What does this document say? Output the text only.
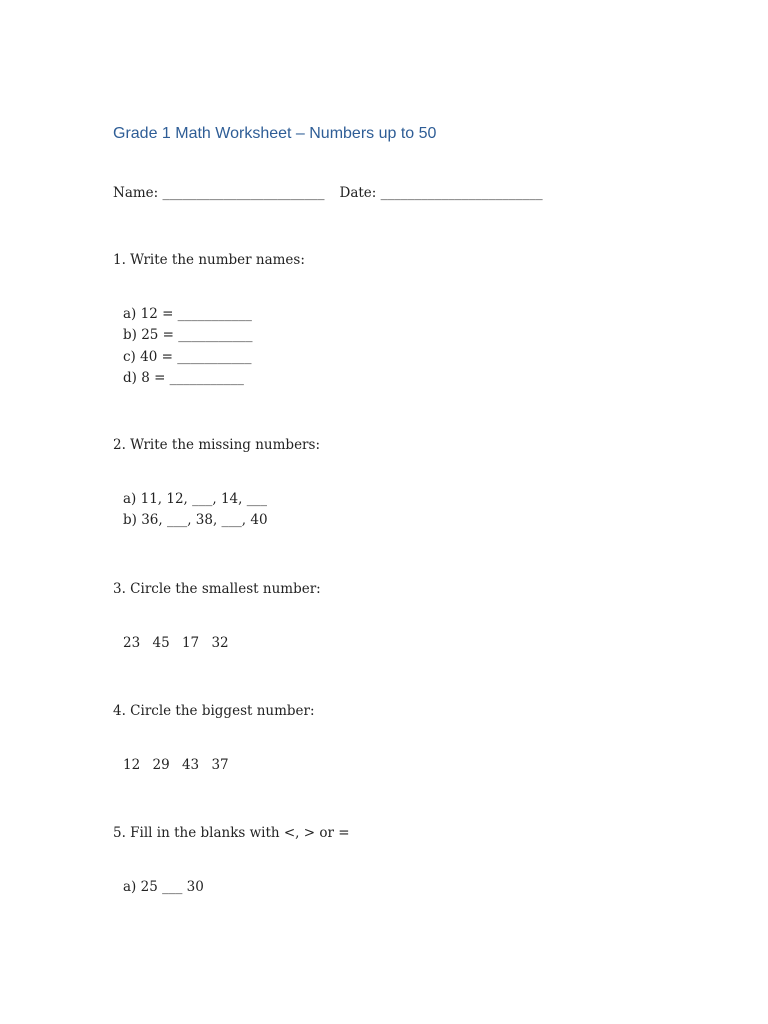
Grade 1 Math Worksheet – Numbers up to 50
Name: ________________________ Date: ________________________
1. Write the number names:
a) 12 = ___________
b) 25 = ___________
c) 40 = ___________
d) 8 = ___________
2. Write the missing numbers:
a) 11, 12, ___, 14, ___
b) 36, ___, 38, ___, 40
3. Circle the smallest number:
23 45 17 32
4. Circle the biggest number:
12 29 43 37
5. Fill in the blanks with <, > or =
a) 25 ___ 30
